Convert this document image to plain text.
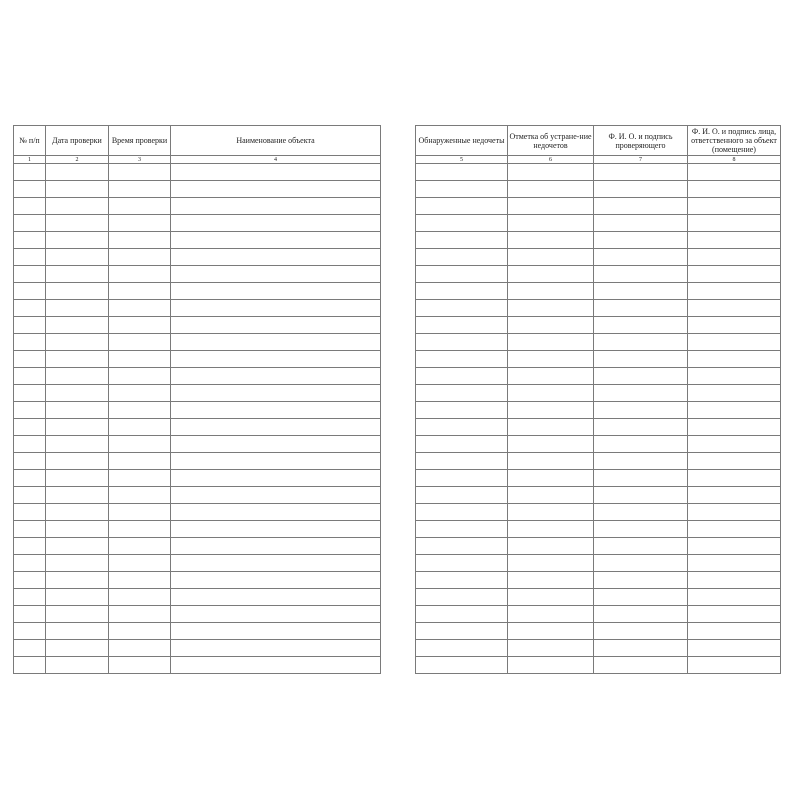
№ п/п	Дата проверки	Время проверки	Наименование объекта
1	2	3	4

Обнаруженные недочеты	Отметка об устране-ние недочетов	Ф. И. О. и подпись проверяющего	Ф. И. О. и подпись лица, ответственного за объект (помещение)
5	6	7	8
